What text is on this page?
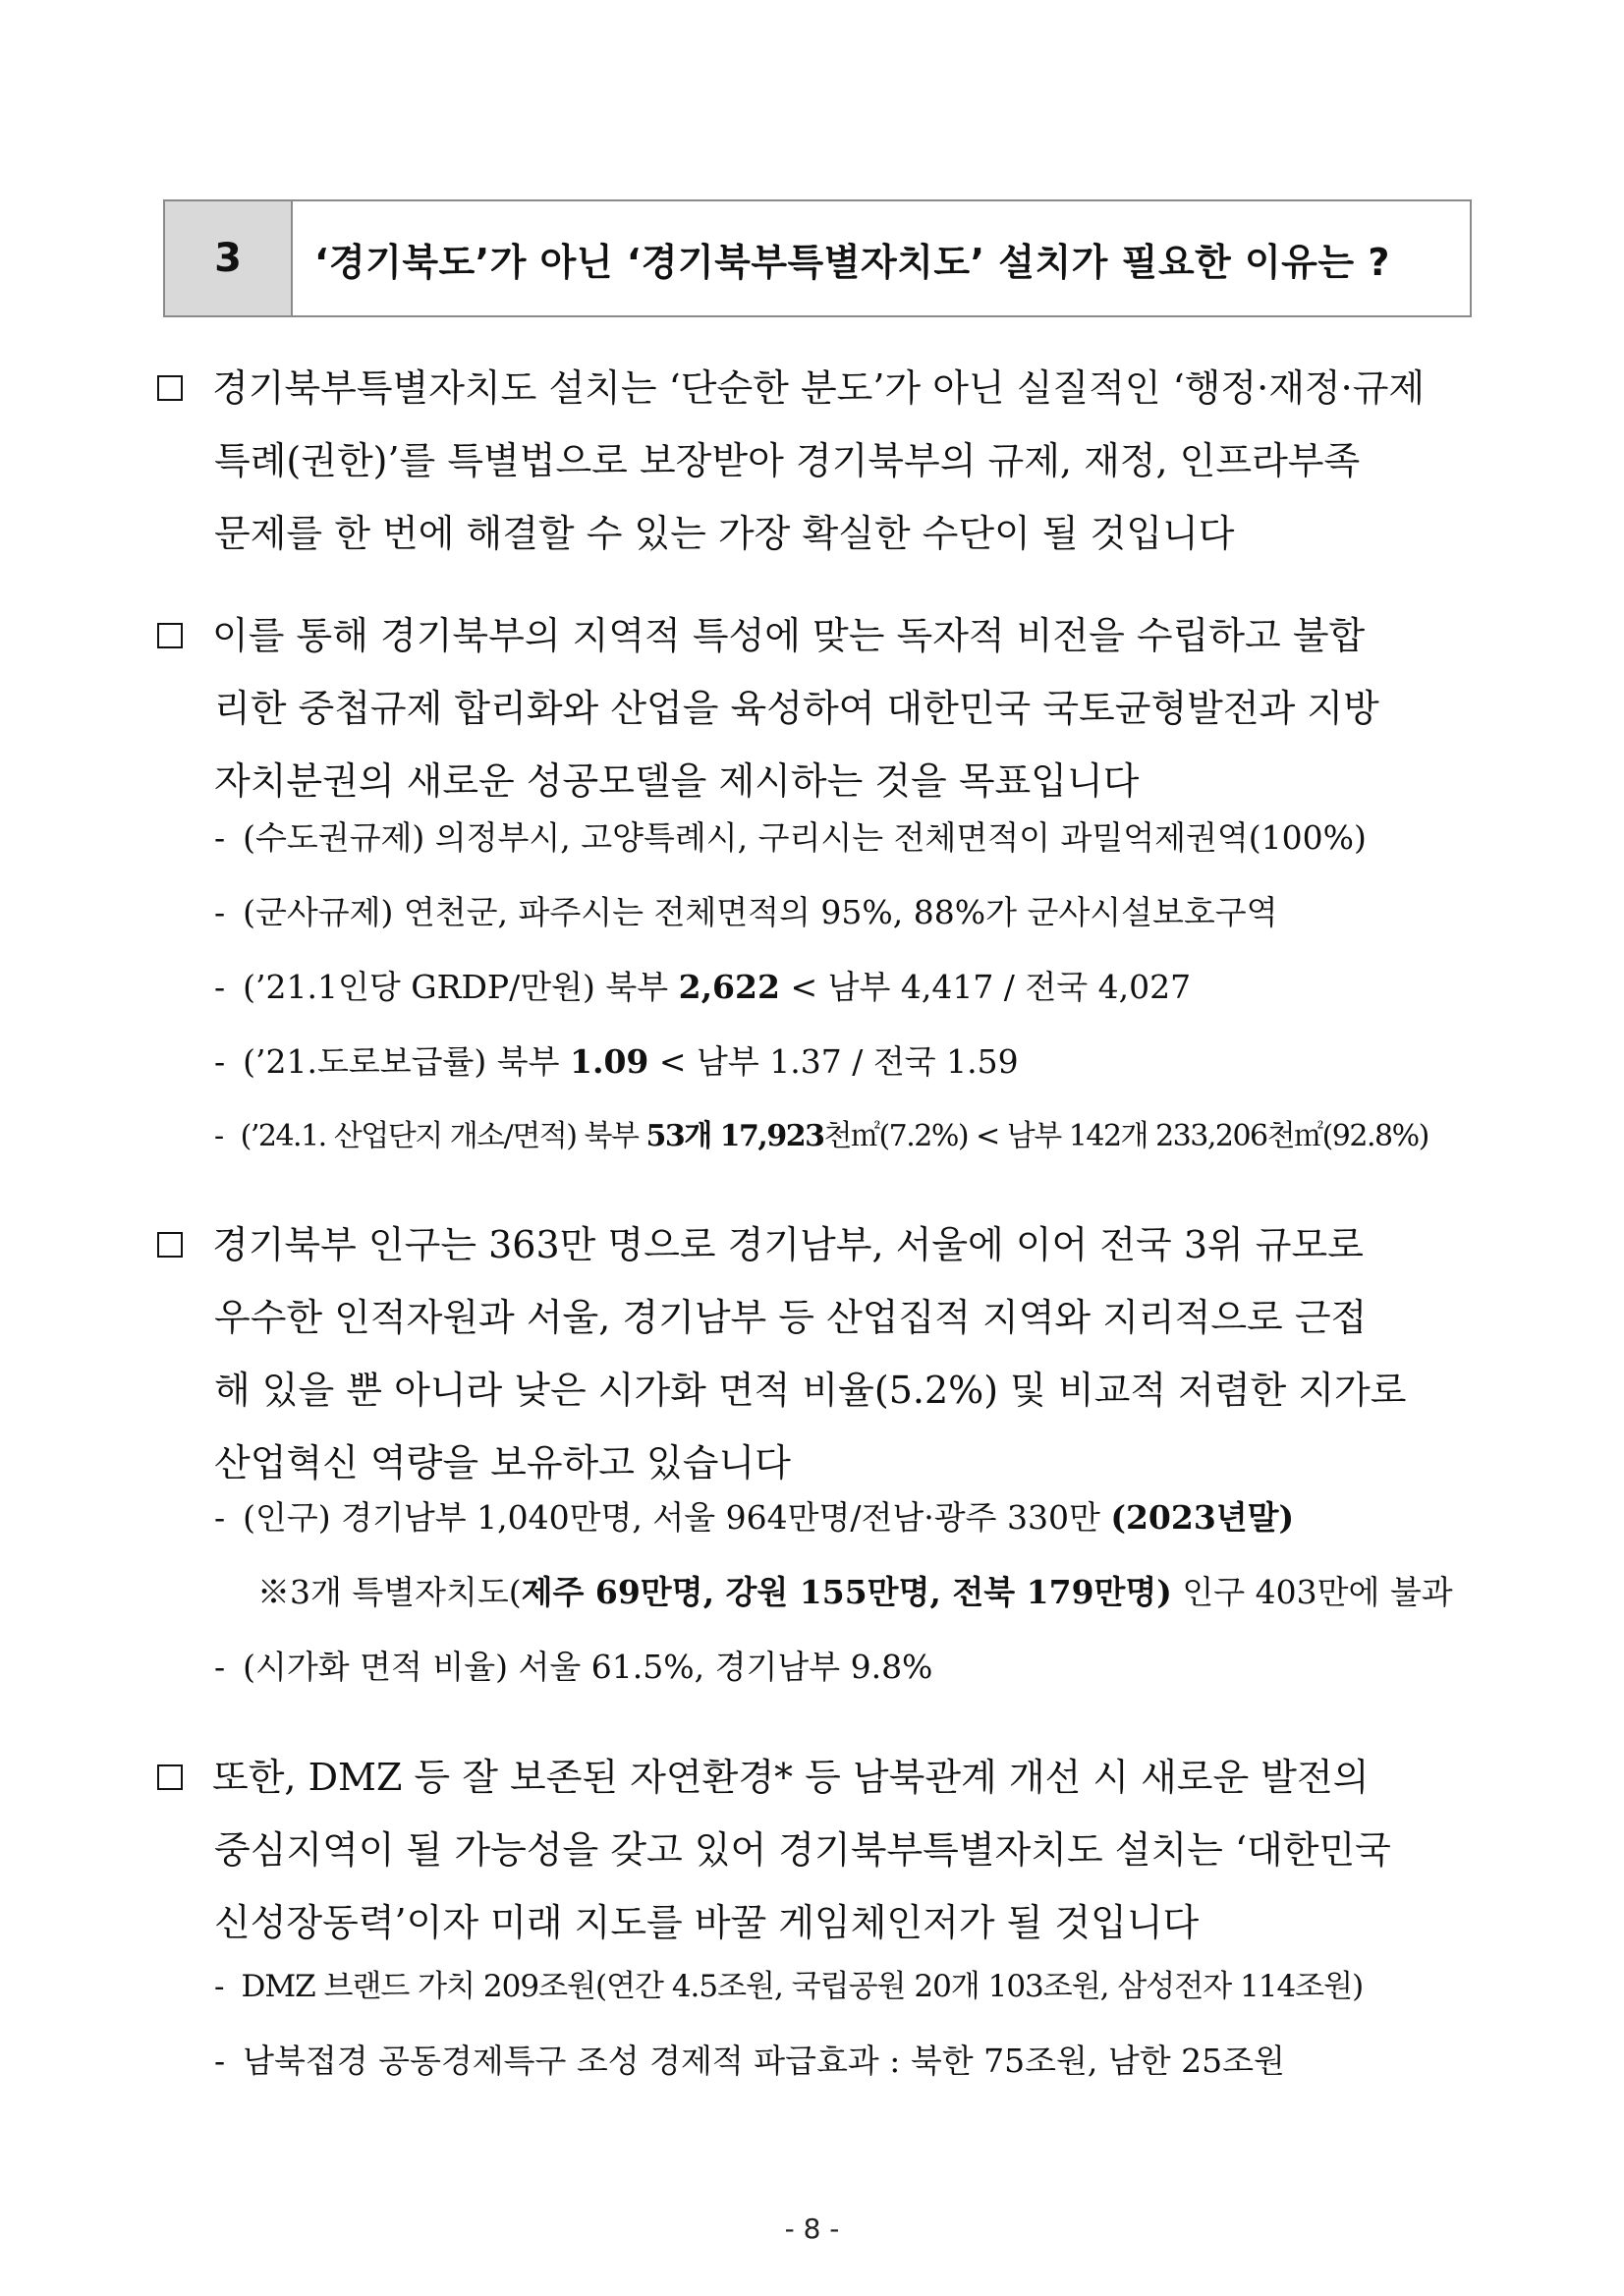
3	‘경기북도’가 아닌 ‘경기북부특별자치도’ 설치가 필요한 이유는 ?
경기북부특별자치도 설치는 ‘단순한 분도’가 아닌 실질적인 ‘행정·재정·규제
특례(권한)’를 특별법으로 보장받아 경기북부의 규제, 재정, 인프라부족
문제를 한 번에 해결할 수 있는 가장 확실한 수단이 될 것입니다
이를 통해 경기북부의 지역적 특성에 맞는 독자적 비전을 수립하고 불합
리한 중첩규제 합리화와 산업을 육성하여 대한민국 국토균형발전과 지방
자치분권의 새로운 성공모델을 제시하는 것을 목표입니다
- (수도권규제) 의정부시, 고양특례시, 구리시는 전체면적이 과밀억제권역(100%)
- (군사규제) 연천군, 파주시는 전체면적의 95%, 88%가 군사시설보호구역
- (’21.1인당 GRDP/만원) 북부 2,622 < 남부 4,417 / 전국 4,027
- (’21.도로보급률) 북부 1.09 < 남부 1.37 / 전국 1.59
- (’24.1. 산업단지 개소/면적) 북부 53개 17,923천㎡(7.2%) < 남부 142개 233,206천㎡(92.8%)
경기북부 인구는 363만 명으로 경기남부, 서울에 이어 전국 3위 규모로
우수한 인적자원과 서울, 경기남부 등 산업집적 지역와 지리적으로 근접
해 있을 뿐 아니라 낮은 시가화 면적 비율(5.2%) 및 비교적 저렴한 지가로
산업혁신 역량을 보유하고 있습니다
- (인구) 경기남부 1,040만명, 서울 964만명/전남·광주 330만 (2023년말)
※3개 특별자치도(제주 69만명, 강원 155만명, 전북 179만명) 인구 403만에 불과
- (시가화 면적 비율) 서울 61.5%, 경기남부 9.8%
또한, DMZ 등 잘 보존된 자연환경* 등 남북관계 개선 시 새로운 발전의
중심지역이 될 가능성을 갖고 있어 경기북부특별자치도 설치는 ‘대한민국
신성장동력’이자 미래 지도를 바꿀 게임체인저가 될 것입니다
- DMZ 브랜드 가치 209조원(연간 4.5조원, 국립공원 20개 103조원, 삼성전자 114조원)
- 남북접경 공동경제특구 조성 경제적 파급효과 : 북한 75조원, 남한 25조원
- 8 -
